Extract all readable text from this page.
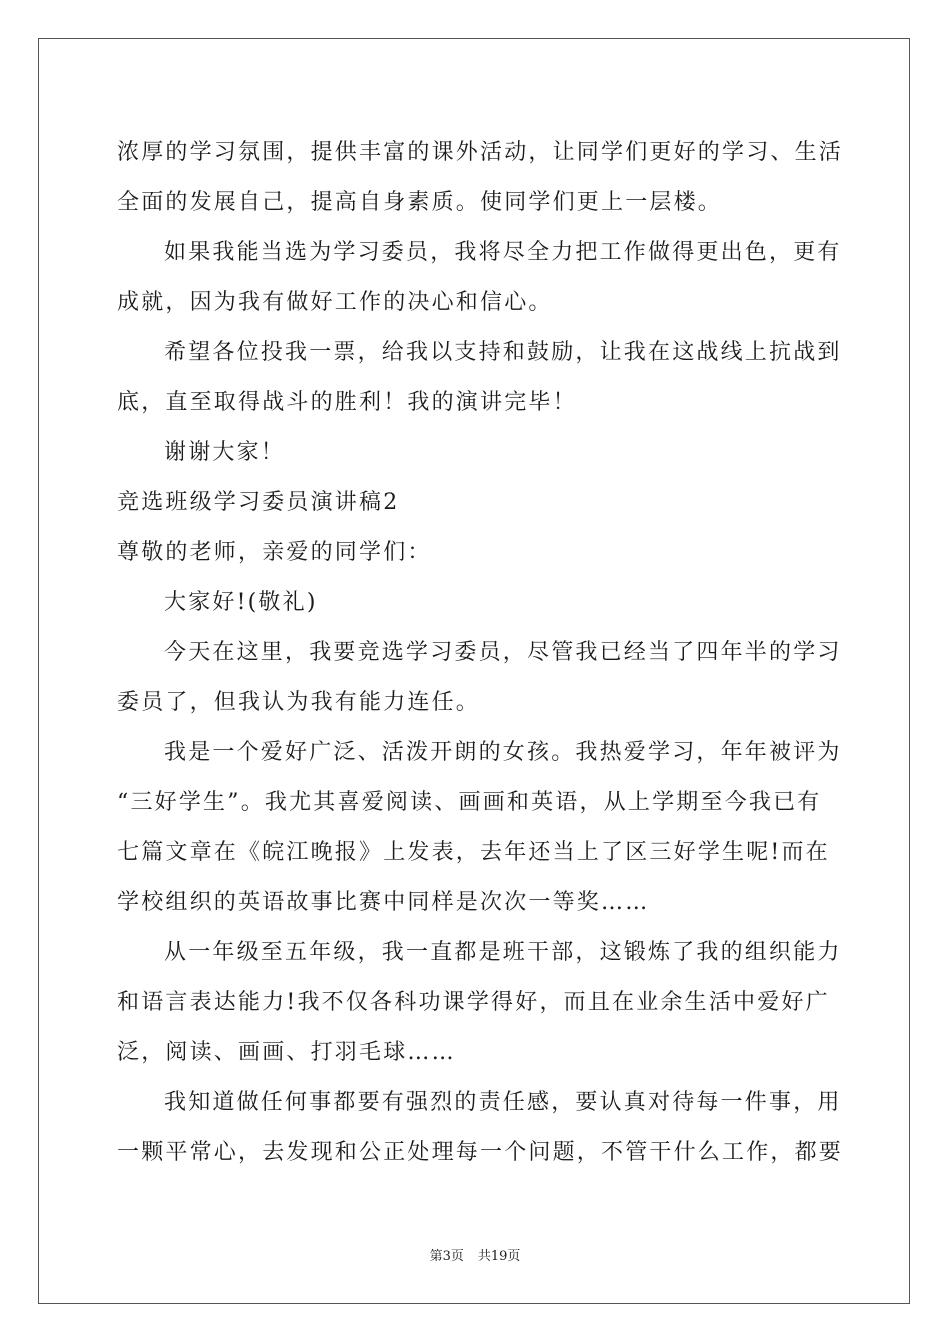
浓厚的学习氛围，提供丰富的课外活动，让同学们更好的学习、生活
全面的发展自己，提高自身素质。使同学们更上一层楼。
如果我能当选为学习委员，我将尽全力把工作做得更出色，更有
成就，因为我有做好工作的决心和信心。
希望各位投我一票，给我以支持和鼓励，让我在这战线上抗战到
底，直至取得战斗的胜利！我的演讲完毕！
谢谢大家！
竞选班级学习委员演讲稿2
尊敬的老师，亲爱的同学们：
大家好!(敬礼)
今天在这里，我要竞选学习委员，尽管我已经当了四年半的学习
委员了，但我认为我有能力连任。
我是一个爱好广泛、活泼开朗的女孩。我热爱学习，年年被评为
“三好学生”。我尤其喜爱阅读、画画和英语，从上学期至今我已有
七篇文章在《皖江晚报》上发表，去年还当上了区三好学生呢!而在
学校组织的英语故事比赛中同样是次次一等奖……
从一年级至五年级，我一直都是班干部，这锻炼了我的组织能力
和语言表达能力!我不仅各科功课学得好，而且在业余生活中爱好广
泛，阅读、画画、打羽毛球……
我知道做任何事都要有强烈的责任感，要认真对待每一件事，用
一颗平常心，去发现和公正处理每一个问题，不管干什么工作，都要
第3页 共19页
